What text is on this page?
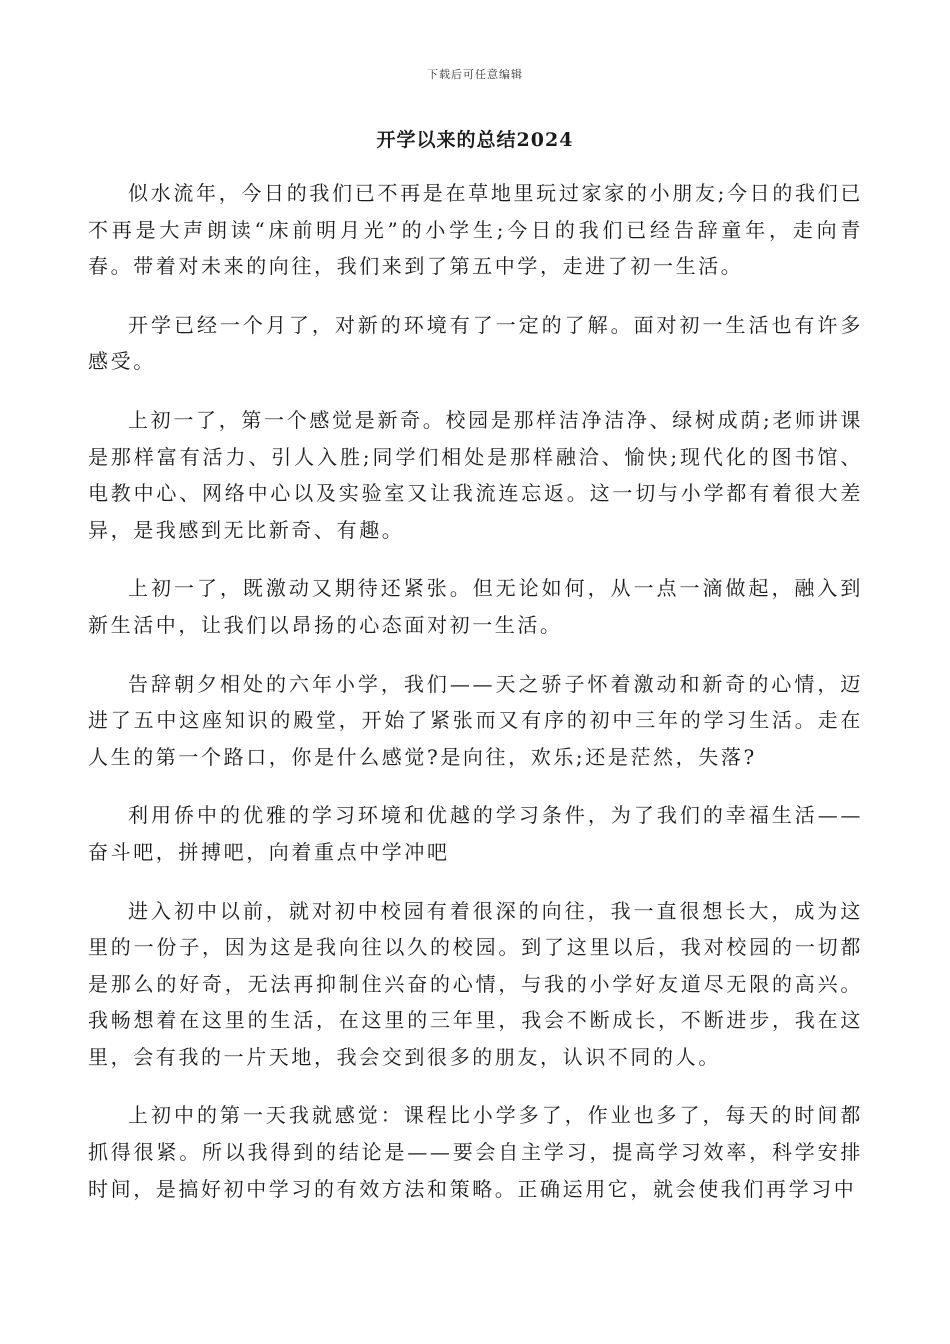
下载后可任意编辑
开学以来的总结2024

似水流年，今日的我们已不再是在草地里玩过家家的小朋友;今日的我们已不再是大声朗读“床前明月光”的小学生;今日的我们已经告辞童年，走向青春。带着对未来的向往，我们来到了第五中学，走进了初一生活。

开学已经一个月了，对新的环境有了一定的了解。面对初一生活也有许多感受。

上初一了，第一个感觉是新奇。校园是那样洁净洁净、绿树成荫;老师讲课是那样富有活力、引人入胜;同学们相处是那样融洽、愉快;现代化的图书馆、电教中心、网络中心以及实验室又让我流连忘返。这一切与小学都有着很大差异，是我感到无比新奇、有趣。

上初一了，既激动又期待还紧张。但无论如何，从一点一滴做起，融入到新生活中，让我们以昂扬的心态面对初一生活。

告辞朝夕相处的六年小学，我们——天之骄子怀着激动和新奇的心情，迈进了五中这座知识的殿堂，开始了紧张而又有序的初中三年的学习生活。走在人生的第一个路口，你是什么感觉?是向往，欢乐;还是茫然，失落?

利用侨中的优雅的学习环境和优越的学习条件，为了我们的幸福生活——奋斗吧，拼搏吧，向着重点中学冲吧

进入初中以前，就对初中校园有着很深的向往，我一直很想长大，成为这里的一份子，因为这是我向往以久的校园。到了这里以后，我对校园的一切都是那么的好奇，无法再抑制住兴奋的心情，与我的小学好友道尽无限的高兴。我畅想着在这里的生活，在这里的三年里，我会不断成长，不断进步，我在这里，会有我的一片天地，我会交到很多的朋友，认识不同的人。

上初中的第一天我就感觉：课程比小学多了，作业也多了，每天的时间都抓得很紧。所以我得到的结论是——要会自主学习，提高学习效率，科学安排时间，是搞好初中学习的有效方法和策略。正确运用它，就会使我们再学习中
